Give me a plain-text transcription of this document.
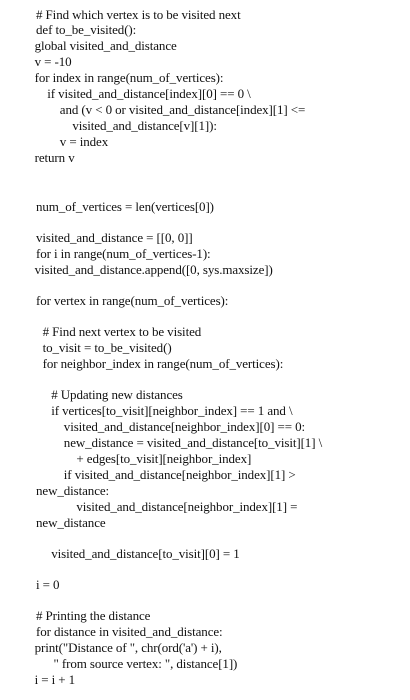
# Find which vertex is to be visited next
def to_be_visited():
global visited_and_distance
v = -10
for index in range(num_of_vertices):
if visited_and_distance[index][0] == 0 \
and (v < 0 or visited_and_distance[index][1] <=
visited_and_distance[v][1]):
v = index
return v
num_of_vertices = len(vertices[0])
visited_and_distance = [[0, 0]]
for i in range(num_of_vertices-1):
visited_and_distance.append([0, sys.maxsize])
for vertex in range(num_of_vertices):
# Find next vertex to be visited
to_visit = to_be_visited()
for neighbor_index in range(num_of_vertices):
# Updating new distances
if vertices[to_visit][neighbor_index] == 1 and \
visited_and_distance[neighbor_index][0] == 0:
new_distance = visited_and_distance[to_visit][1] \
+ edges[to_visit][neighbor_index]
if visited_and_distance[neighbor_index][1] >
new_distance:
visited_and_distance[neighbor_index][1] =
new_distance
visited_and_distance[to_visit][0] = 1
i = 0
# Printing the distance
for distance in visited_and_distance:
print("Distance of ", chr(ord('a') + i),
" from source vertex: ", distance[1])
i = i + 1
